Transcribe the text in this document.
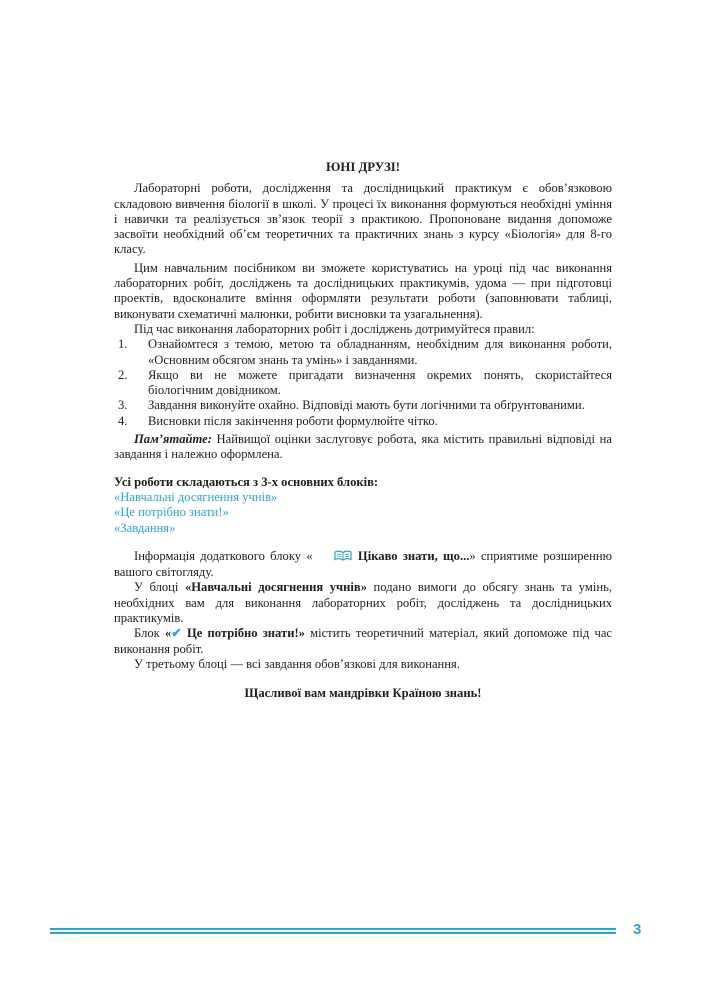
ЮНІ ДРУЗІ!

Лабораторні роботи, дослідження та дослідницький практикум є обов’язковою складовою вивчення біології в школі. У процесі їх виконання формуються необхідні уміння і навички та реалізується зв’язок теорії з практикою. Пропоноване видання допоможе засвоїти необхідний об’єм теоретичних та практичних знань з курсу «Біологія» для 8-го класу.

Цим навчальним посібником ви зможете користуватись на уроці під час виконання лабораторних робіт, досліджень та дослідницьких практикумів, удома — при підготовці проектів, вдосконалите вміння оформляти результати роботи (заповнювати таблиці, виконувати схематичні малюнки, робити висновки та узагальнення).

Під час виконання лабораторних робіт і досліджень дотримуйтеся правил:

1. Ознайомтеся з темою, метою та обладнанням, необхідним для виконання роботи, «Основним обсягом знань та умінь» і завданнями.
2. Якщо ви не можете пригадати визначення окремих понять, скористайтеся біологічним довідником.
3. Завдання виконуйте охайно. Відповіді мають бути логічними та обґрунтованими.
4. Висновки після закінчення роботи формулюйте чітко.

Пам’ятайте: Найвищої оцінки заслуговує робота, яка містить правильні відповіді на завдання і належно оформлена.

Усі роботи складаються з 3-х основних блоків:

«Навчальні досягнення учнів»

«Це потрібно знати!»

«Завдання»

Інформація додаткового блоку «	Цікаво знати, що...» сприятиме розширенню вашого світогляду.

У блоці «Навчальні досягнення учнів» подано вимоги до обсягу знань та умінь, необхідних вам для виконання лабораторних робіт, досліджень та дослідницьких практикумів.

Блок «✔ Це потрібно знати!» містить теоретичний матеріал, який допоможе під час виконання робіт.

У третьому блоці — всі завдання обов’язкові для виконання.

Щасливої вам мандрівки Країною знань!

3
